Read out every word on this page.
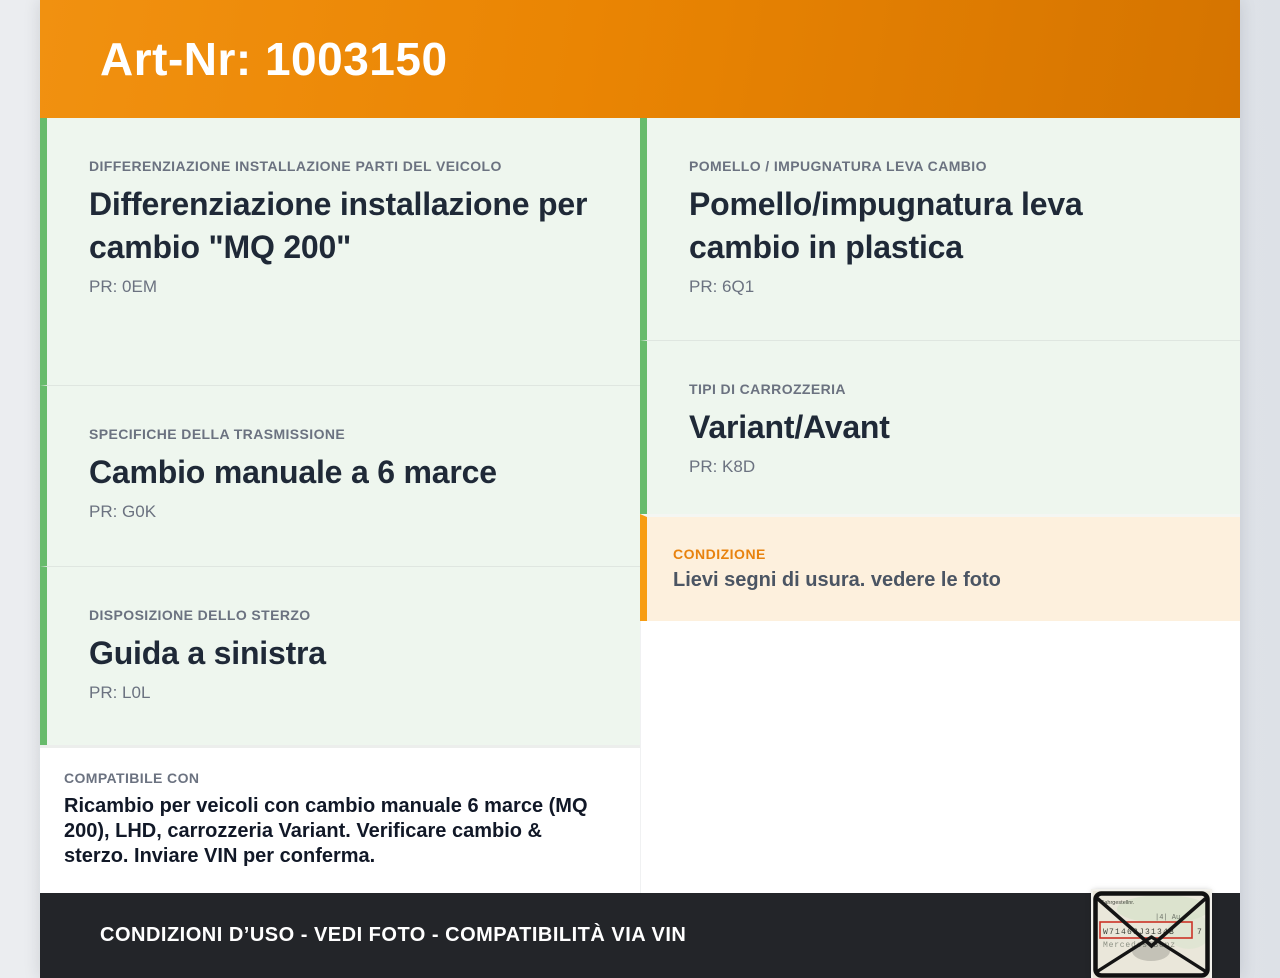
Art-Nr: 1003150
DIFFERENZIAZIONE INSTALLAZIONE PARTI DEL VEICOLO
Differenziazione installazione per cambio "MQ 200"
PR: 0EM
SPECIFICHE DELLA TRASMISSIONE
Cambio manuale a 6 marce
PR: G0K
DISPOSIZIONE DELLO STERZO
Guida a sinistra
PR: L0L
COMPATIBILE CON

Ricambio per veicoli con cambio manuale 6 marce (MQ 200), LHD, carrozzeria Variant. Verificare cambio & sterzo. Inviare VIN per conferma.

POMELLO / IMPUGNATURA LEVA CAMBIO
Pomello/impugnatura leva cambio in plastica
PR: 6Q1
TIPI DI CARROZZERIA
Variant/Avant
PR: K8D
CONDIZIONE

Lievi segni di usura. vedere le foto

CONDIZIONI D’USO - VEDI FOTO - COMPATIBILITÀ VIA VIN
Fahrgestellnr.
|4| Au
W71463J3134B	7
Mercedes-Benz
